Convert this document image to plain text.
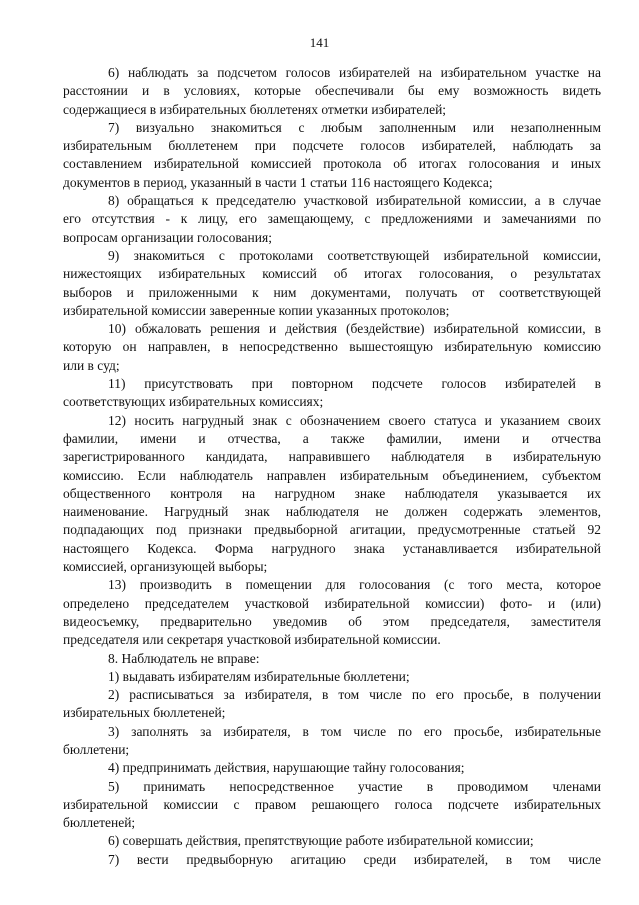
141
6) наблюдать за подсчетом голосов избирателей на избирательном участке на
расстоянии и в условиях, которые обеспечивали бы ему возможность видеть
содержащиеся в избирательных бюллетенях отметки избирателей;
7) визуально знакомиться с любым заполненным или незаполненным
избирательным бюллетенем при подсчете голосов избирателей, наблюдать за
составлением избирательной комиссией протокола об итогах голосования и иных
документов в период, указанный в части 1 статьи 116 настоящего Кодекса;
8) обращаться к председателю участковой избирательной комиссии, а в случае
его отсутствия - к лицу, его замещающему, с предложениями и замечаниями по
вопросам организации голосования;
9) знакомиться с протоколами соответствующей избирательной комиссии,
нижестоящих избирательных комиссий об итогах голосования, о результатах
выборов и приложенными к ним документами, получать от соответствующей
избирательной комиссии заверенные копии указанных протоколов;
10) обжаловать решения и действия (бездействие) избирательной комиссии, в
которую он направлен, в непосредственно вышестоящую избирательную комиссию
или в суд;
11) присутствовать при повторном подсчете голосов избирателей в
соответствующих избирательных комиссиях;
12) носить нагрудный знак с обозначением своего статуса и указанием своих
фамилии, имени и отчества, а также фамилии, имени и отчества
зарегистрированного кандидата, направившего наблюдателя в избирательную
комиссию. Если наблюдатель направлен избирательным объединением, субъектом
общественного контроля на нагрудном знаке наблюдателя указывается их
наименование. Нагрудный знак наблюдателя не должен содержать элементов,
подпадающих под признаки предвыборной агитации, предусмотренные статьей 92
настоящего Кодекса. Форма нагрудного знака устанавливается избирательной
комиссией, организующей выборы;
13) производить в помещении для голосования (с того места, которое
определено председателем участковой избирательной комиссии) фото- и (или)
видеосъемку, предварительно уведомив об этом председателя, заместителя
председателя или секретаря участковой избирательной комиссии.
8. Наблюдатель не вправе:
1) выдавать избирателям избирательные бюллетени;
2) расписываться за избирателя, в том числе по его просьбе, в получении
избирательных бюллетеней;
3) заполнять за избирателя, в том числе по его просьбе, избирательные
бюллетени;
4) предпринимать действия, нарушающие тайну голосования;
5) принимать непосредственное участие в проводимом членами
избирательной комиссии с правом решающего голоса подсчете избирательных
бюллетеней;
6) совершать действия, препятствующие работе избирательной комиссии;
7) вести предвыборную агитацию среди избирателей, в том числе
